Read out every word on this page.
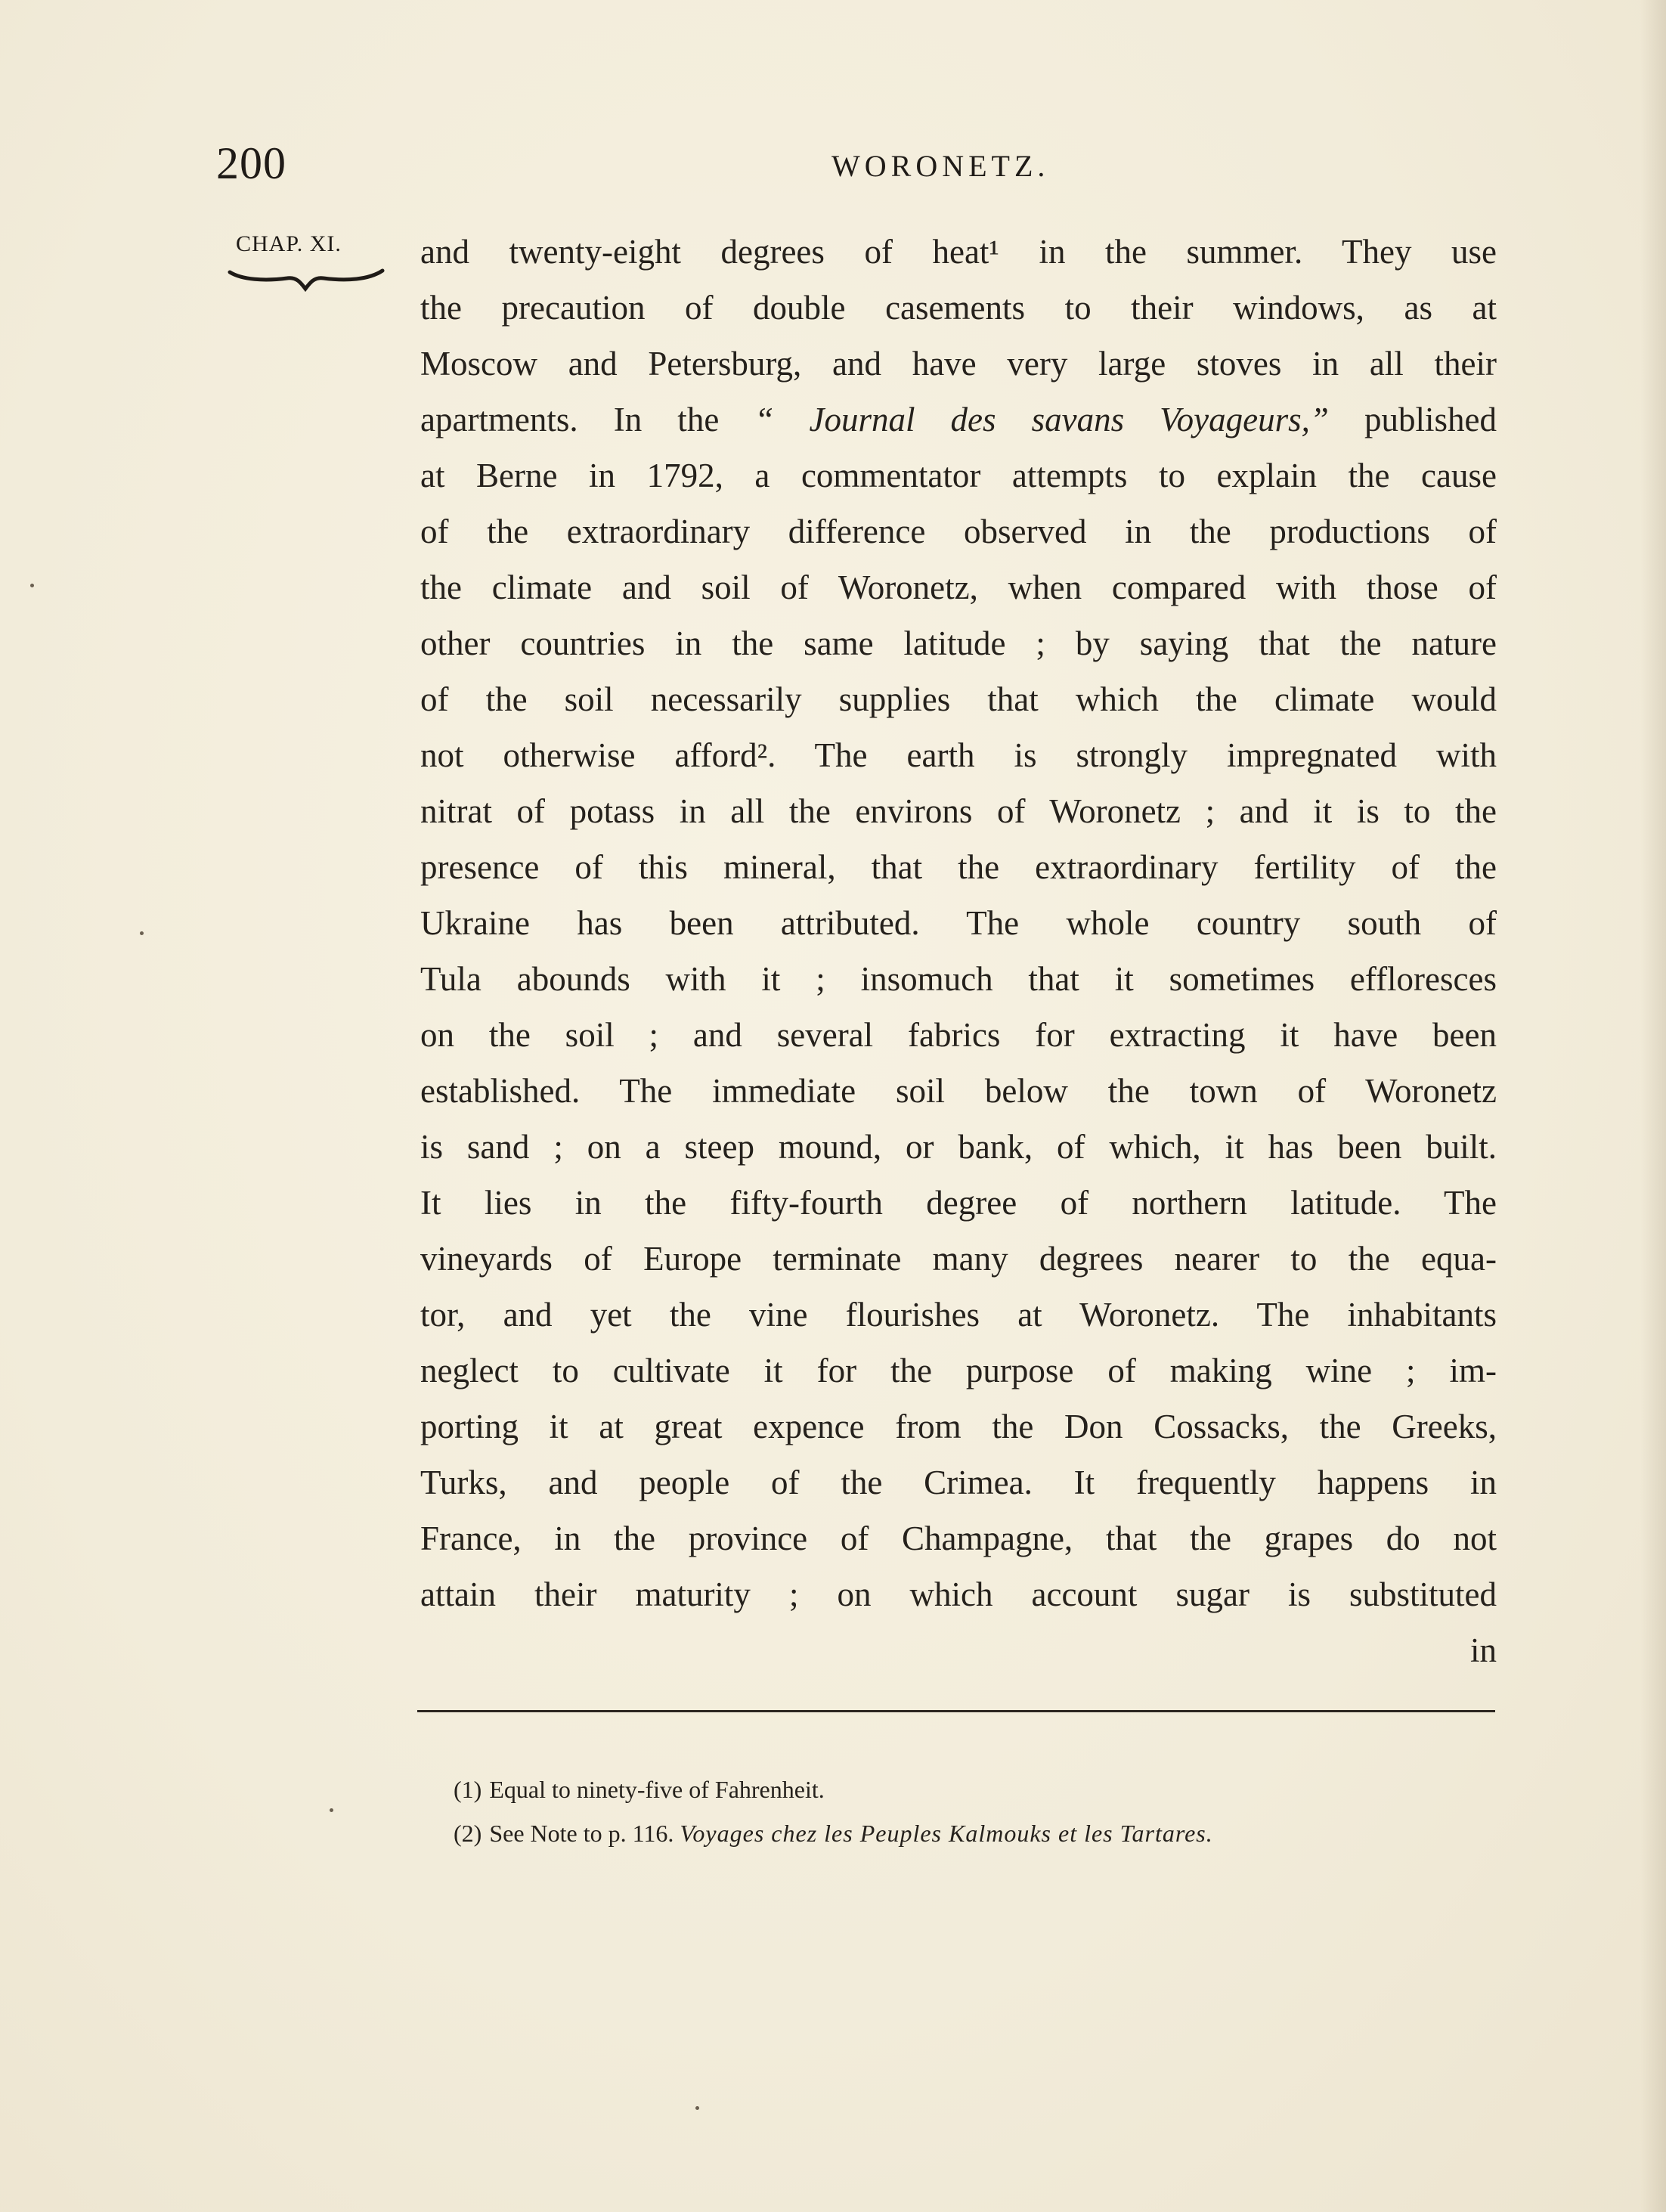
200	WORONETZ.
CHAP. XI. and twenty-eight degrees of heat¹ in the summer. They use
the precaution of double casements to their windows, as at
Moscow and Petersburg, and have very large stoves in all their
apartments. In the “ Journal des savans Voyageurs,” published
at Berne in 1792, a commentator attempts to explain the cause
of the extraordinary difference observed in the productions of
the climate and soil of Woronetz, when compared with those of
other countries in the same latitude ; by saying that the nature
of the soil necessarily supplies that which the climate would
not otherwise afford². The earth is strongly impregnated with
nitrat of potass in all the environs of Woronetz ; and it is to the
presence of this mineral, that the extraordinary fertility of the
Ukraine has been attributed. The whole country south of
Tula abounds with it ; insomuch that it sometimes effloresces
on the soil ; and several fabrics for extracting it have been
established. The immediate soil below the town of Woronetz
is sand ; on a steep mound, or bank, of which, it has been built.
It lies in the fifty-fourth degree of northern latitude. The
vineyards of Europe terminate many degrees nearer to the equa-
tor, and yet the vine flourishes at Woronetz. The inhabitants
neglect to cultivate it for the purpose of making wine ; im-
porting it at great expence from the Don Cossacks, the Greeks,
Turks, and people of the Crimea. It frequently happens in
France, in the province of Champagne, that the grapes do not
attain their maturity ; on which account sugar is substituted
in
(1) Equal to ninety-five of Fahrenheit.
(2) See Note to p. 116. Voyages chez les Peuples Kalmouks et les Tartares.
